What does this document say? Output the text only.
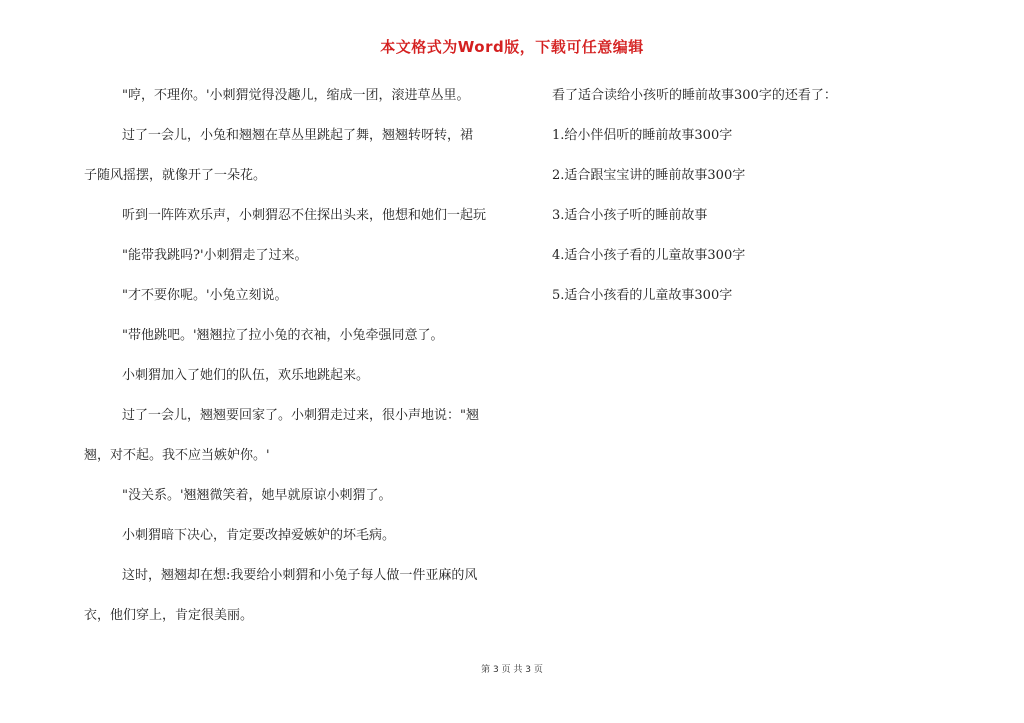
本文格式为Word版，下载可任意编辑
"哼，不理你。'小刺猬觉得没趣儿，缩成一团，滚进草丛里。
过了一会儿，小兔和翘翘在草丛里跳起了舞，翘翘转呀转，裙
子随风摇摆，就像开了一朵花。
听到一阵阵欢乐声，小刺猬忍不住探出头来，他想和她们一起玩
"能带我跳吗?'小刺猬走了过来。
"才不要你呢。'小兔立刻说。
"带他跳吧。'翘翘拉了拉小兔的衣袖，小兔牵强同意了。
小刺猬加入了她们的队伍，欢乐地跳起来。
过了一会儿，翘翘要回家了。小刺猬走过来，很小声地说："翘
翘，对不起。我不应当嫉妒你。'
"没关系。'翘翘微笑着，她早就原谅小刺猬了。
小刺猬暗下决心，肯定要改掉爱嫉妒的坏毛病。
这时，翘翘却在想:我要给小刺猬和小兔子每人做一件亚麻的风
衣，他们穿上，肯定很美丽。
看了适合读给小孩听的睡前故事300字的还看了：
1.给小伴侣听的睡前故事300字
2.适合跟宝宝讲的睡前故事300字
3.适合小孩子听的睡前故事
4.适合小孩子看的儿童故事300字
5.适合小孩看的儿童故事300字
第 3 页 共 3 页
